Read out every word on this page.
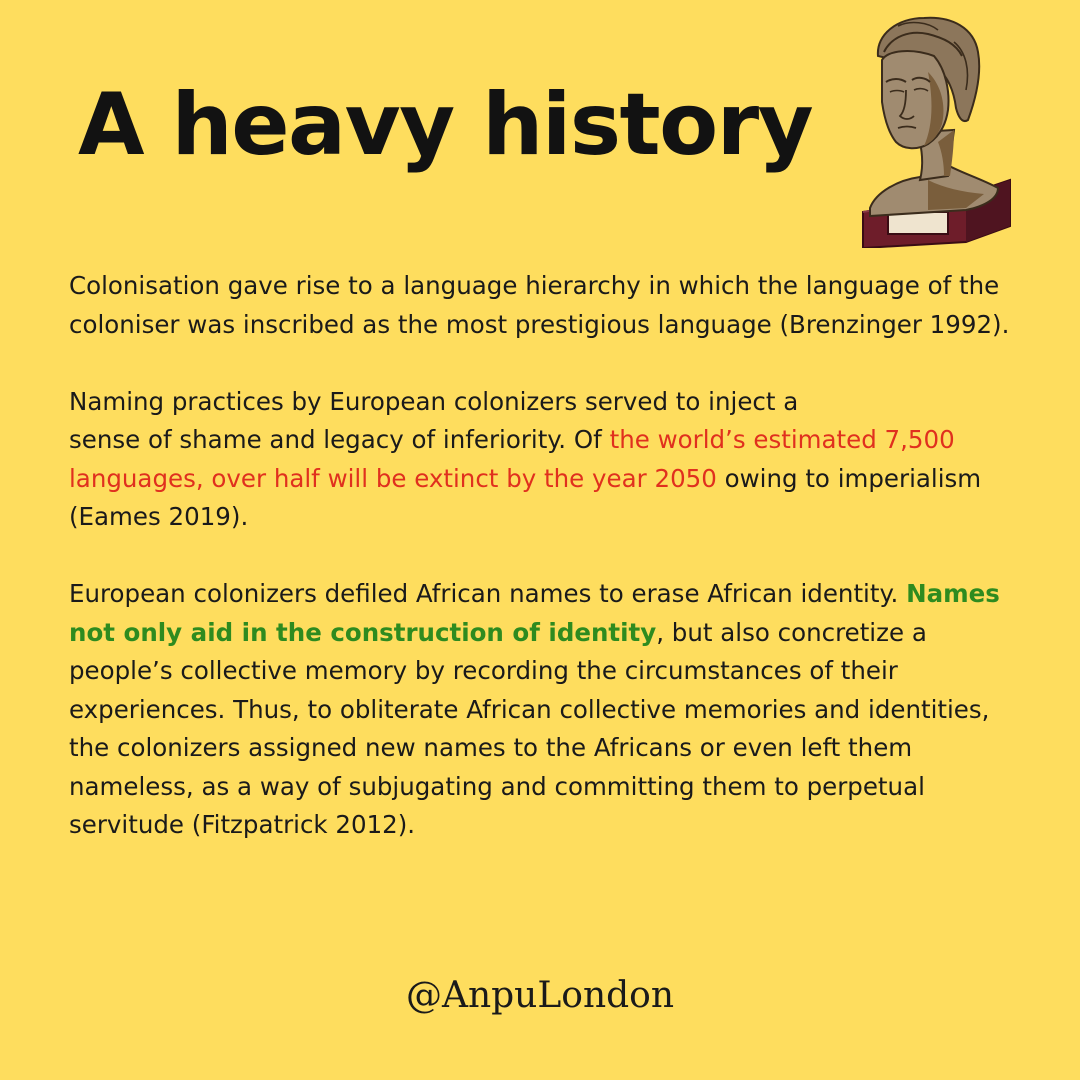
A heavy history

Colonisation gave rise to a language hierarchy in which the language of the coloniser was inscribed as the most prestigious language (Brenzinger 1992).

Naming practices by European colonizers served to inject a
sense of shame and legacy of inferiority. Of the world’s estimated 7,500 languages, over half will be extinct by the year 2050 owing to imperialism (Eames 2019).

European colonizers defiled African names to erase African identity. Names not only aid in the construction of identity, but also concretize a people’s collective memory by recording the circumstances of their experiences. Thus, to obliterate African collective memories and identities, the colonizers assigned new names to the Africans or even left them nameless, as a way of subjugating and committing them to perpetual servitude (Fitzpatrick 2012).

@AnpuLondon
